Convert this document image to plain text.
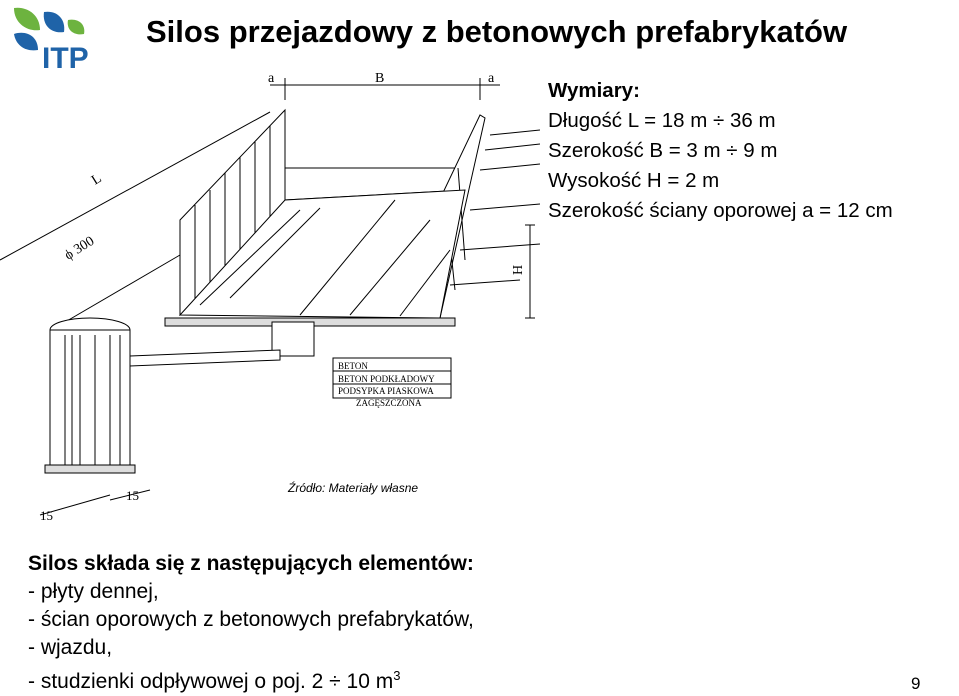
ITP
Silos przejazdowy z betonowych prefabrykatów
Wymiary:
Długość L = 18 m ÷ 36 m
Szerokość B = 3 m ÷ 9 m
Wysokość H = 2 m
Szerokość ściany oporowej a = 12 cm
a	B	a
L
ϕ 300
H
15
15
BETON
BETON PODKŁADOWY
PODSYPKA PIASKOWA
ZAGĘSZCZONA
Źródło: Materiały własne
Silos składa się z następujących elementów:
- płyty dennej,
- ścian oporowych z betonowych prefabrykatów,
- wjazdu,
- studzienki odpływowej o poj. 2 ÷ 10 $m^3$	9
